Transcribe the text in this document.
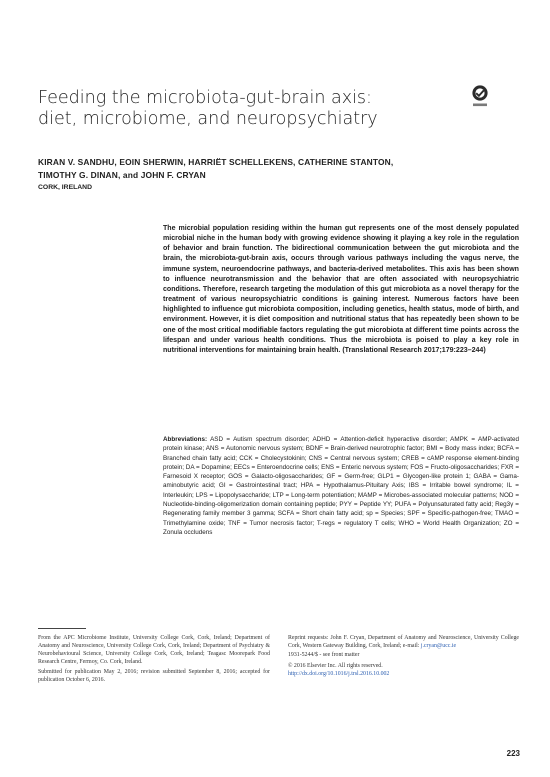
Feeding the microbiota-gut-brain axis:
diet, microbiome, and neuropsychiatry
KIRAN V. SANDHU, EOIN SHERWIN, HARRIËT SCHELLEKENS, CATHERINE STANTON,
TIMOTHY G. DINAN, and JOHN F. CRYAN
CORK, IRELAND
The microbial population residing within the human gut represents one of the most densely populated microbial niche in the human body with growing evidence showing it playing a key role in the regulation of behavior and brain function. The bidirectional communication between the gut microbiota and the brain, the microbiota-gut-brain axis, occurs through various pathways including the vagus nerve, the immune system, neuroendocrine pathways, and bacteria-derived metabolites. This axis has been shown to influence neurotransmission and the behavior that are often associated with neuropsychiatric conditions. Therefore, research targeting the modulation of this gut microbiota as a novel therapy for the treatment of various neuropsychiatric conditions is gaining interest. Numerous factors have been highlighted to influence gut microbiota composition, including genetics, health status, mode of birth, and environment. However, it is diet composition and nutritional status that has repeatedly been shown to be one of the most critical modifiable factors regulating the gut microbiota at different time points across the lifespan and under various health conditions. Thus the microbiota is poised to play a key role in nutritional interventions for maintaining brain health. (Translational Research 2017;179:223–244)
Abbreviations: ASD = Autism spectrum disorder; ADHD = Attention-deficit hyperactive disorder; AMPK = AMP-activated protein kinase; ANS = Autonomic nervous system; BDNF = Brain-derived neurotrophic factor; BMI = Body mass index; BCFA = Branched chain fatty acid; CCK = Cholecystokinin; CNS = Central nervous system; CREB = cAMP response element-binding protein; DA = Dopamine; EECs = Enteroendocrine cells; ENS = Enteric nervous system; FOS = Fructo-oligosaccharides; FXR = Farnesoid X receptor; GOS = Galacto-oligosaccharides; GF = Germ-free; GLP1 = Glycogen-like protein 1; GABA = Gama-aminobutyric acid; GI = Gastrointestinal tract; HPA = Hypothalamus-Pituitary Axis; IBS = Irritable bowel syndrome; IL = Interleukin; LPS = Lipopolysaccharide; LTP = Long-term potentiation; MAMP = Microbes-associated molecular patterns; NOD = Nucleotide-binding-oligomerization domain containing peptide; PYY = Peptide YY; PUFA = Polyunsaturated fatty acid; Reg3γ = Regenerating family member 3 gamma; SCFA = Short chain fatty acid; sp = Species; SPF = Specific-pathogen-free; TMAO = Trimethylamine oxide; TNF = Tumor necrosis factor; T-regs = regulatory T cells; WHO = World Health Organization; ZO = Zonula occludens

From the APC Microbiome Institute, University College Cork, Cork, Ireland; Department of Anatomy and Neuroscience, University College Cork, Cork, Ireland; Department of Psychiatry & Neurobehavioural Science, University College Cork, Cork, Ireland; Teagasc Moorepark Food Research Centre, Fermoy, Co. Cork, Ireland.

Submitted for publication May 2, 2016; revision submitted September 8, 2016; accepted for publication October 6, 2016.

Reprint requests: John F. Cryan, Department of Anatomy and Neuroscience, University College Cork, Western Gateway Building, Cork, Ireland; e-mail: j.cryan@ucc.ie

1931-5244/$ - see front matter

© 2016 Elsevier Inc. All rights reserved.

http://dx.doi.org/10.1016/j.trsl.2016.10.002

223
